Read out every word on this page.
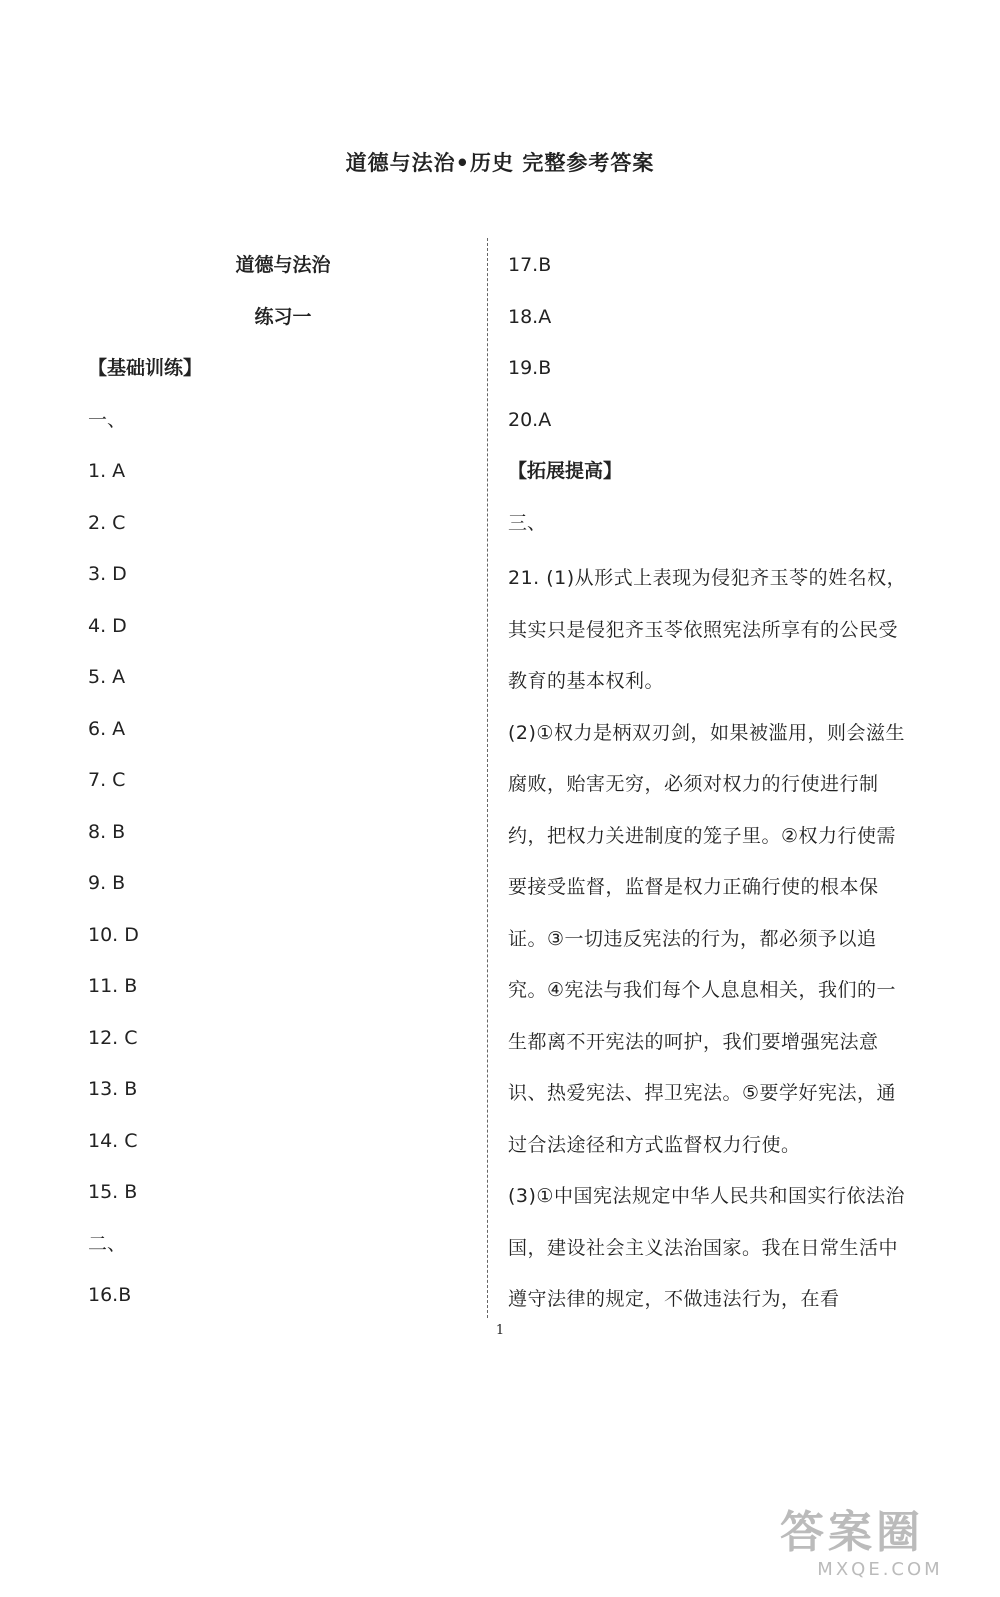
道德与法治•历史 完整参考答案
道德与法治
练习一
【基础训练】
一、
1. A
2. C
3. D
4. D
5. A
6. A
7. C
8. B
9. B
10. D
11. B
12. C
13. B
14. C
15. B
二、
16.B
17.B
18.A
19.B
20.A
【拓展提高】
三、
21. (1)从形式上表现为侵犯齐玉苓的姓名权，其实只是侵犯齐玉苓依照宪法所享有的公民受教育的基本权利。
(2)①权力是柄双刃剑，如果被滥用，则会滋生腐败，贻害无穷，必须对权力的行使进行制约，把权力关进制度的笼子里。②权力行使需要接受监督，监督是权力正确行使的根本保证。③一切违反宪法的行为，都必须予以追究。④宪法与我们每个人息息相关，我们的一生都离不开宪法的呵护，我们要增强宪法意识、热爱宪法、捍卫宪法。⑤要学好宪法，通过合法途径和方式监督权力行使。
(3)①中国宪法规定中华人民共和国实行依法治国，建设社会主义法治国家。我在日常生活中遵守法律的规定，不做违法行为，在看
1
答案圈
MXQE.COM
